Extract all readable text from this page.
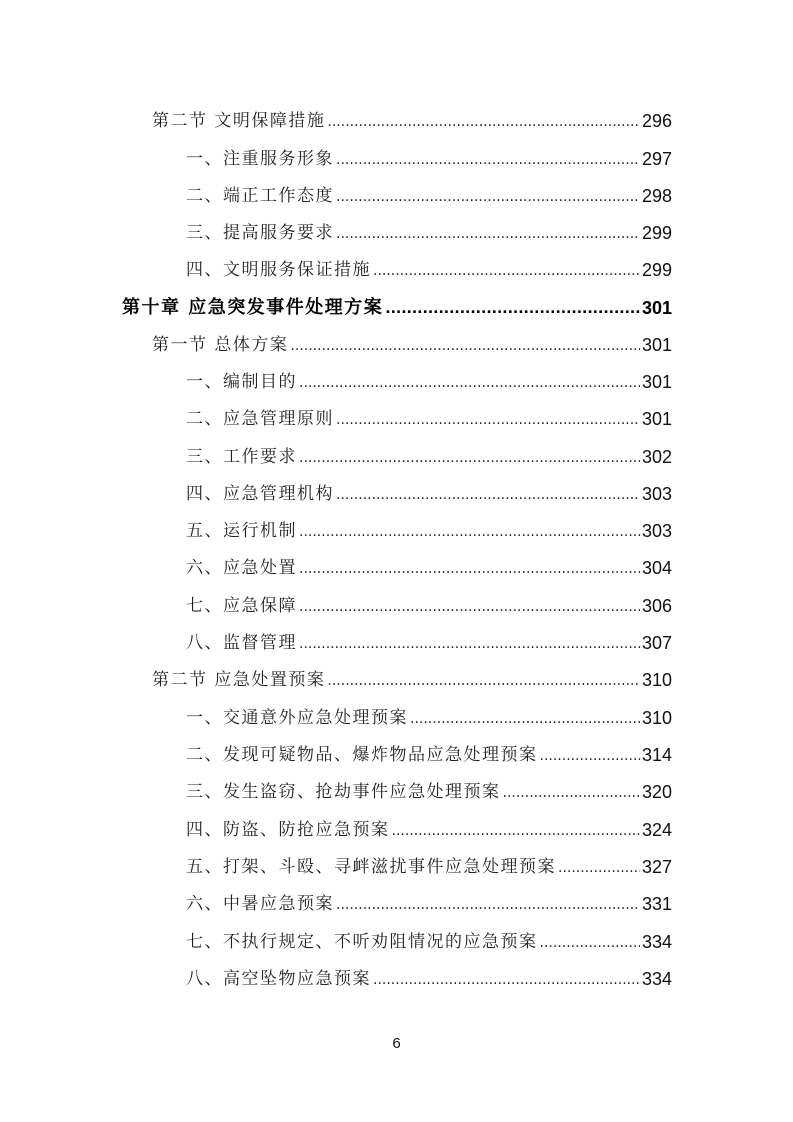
第二节 文明保障措施 .....	296
一、注重服务形象 .....	297
二、端正工作态度 .....	298
三、提高服务要求 .....	299
四、文明服务保证措施 .....	299
第十章 应急突发事件处理方案 .....	301
第一节 总体方案 .....	301
一、编制目的 .....	301
二、应急管理原则 .....	301
三、工作要求 .....	302
四、应急管理机构 .....	303
五、运行机制 .....	303
六、应急处置 .....	304
七、应急保障 .....	306
八、监督管理 .....	307
第二节 应急处置预案 .....	310
一、交通意外应急处理预案 .....	310
二、发现可疑物品、爆炸物品应急处理预案 .....	314
三、发生盗窃、抢劫事件应急处理预案 .....	320
四、防盗、防抢应急预案 .....	324
五、打架、斗殴、寻衅滋扰事件应急处理预案 .....	327
六、中暑应急预案 .....	331
七、不执行规定、不听劝阻情况的应急预案 .....	334
八、高空坠物应急预案 .....	334
6
